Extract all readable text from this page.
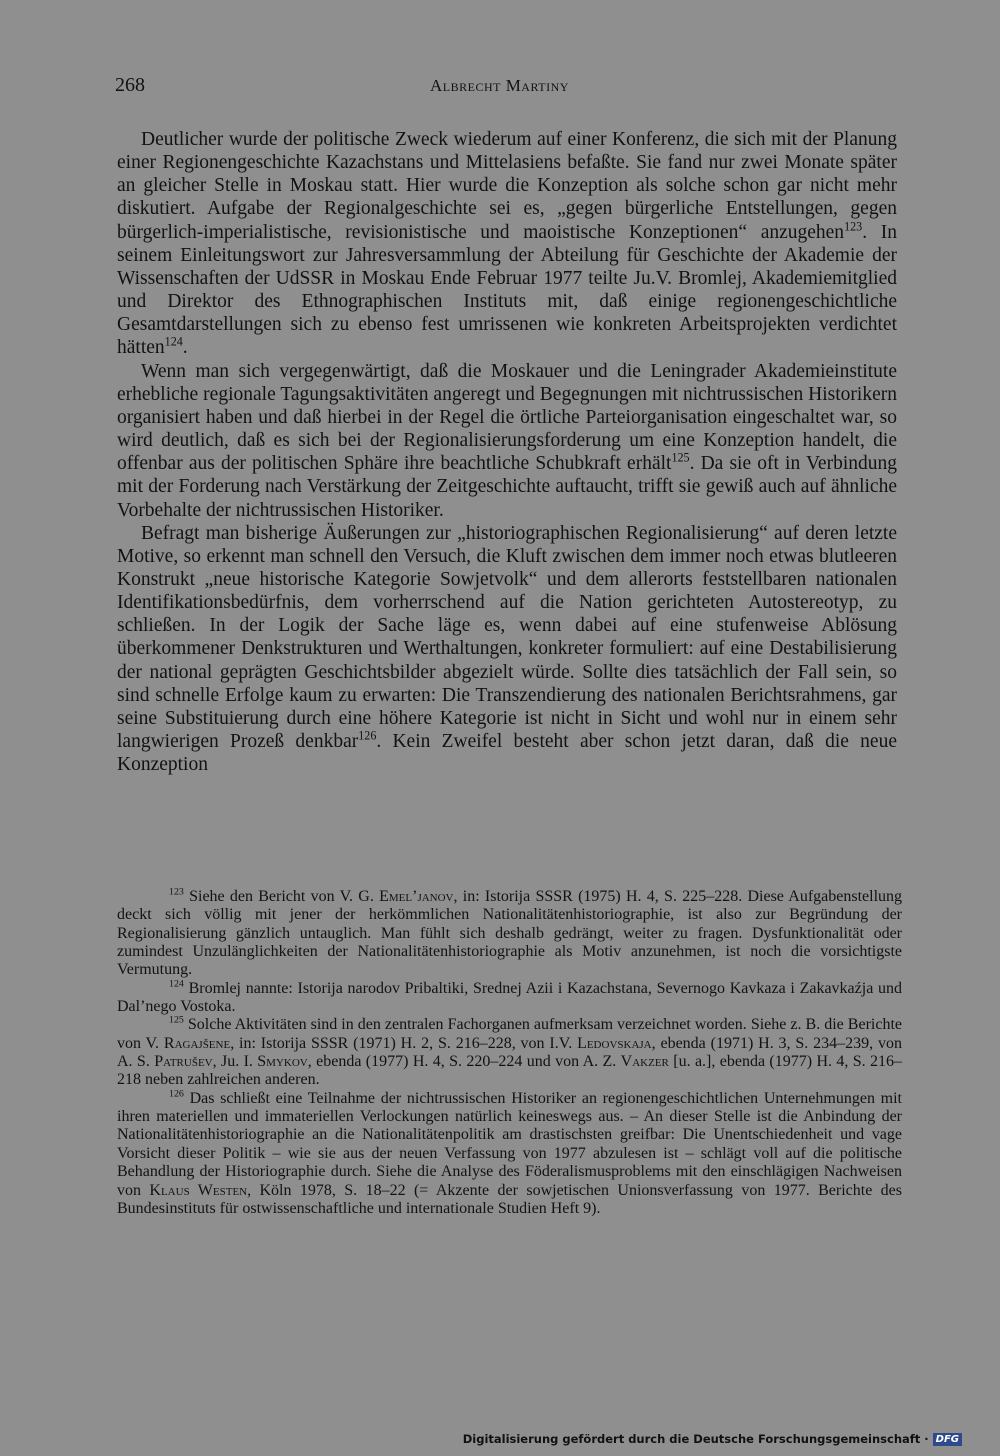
268	Albrecht Martiny

Deutlicher wurde der politische Zweck wiederum auf einer Konferenz, die sich mit der Planung einer Regionengeschichte Kazachstans und Mittelasiens befaßte. Sie fand nur zwei Monate später an gleicher Stelle in Moskau statt. Hier wurde die Konzeption als solche schon gar nicht mehr diskutiert. Aufgabe der Regionalgeschichte sei es, „gegen bürgerliche Entstellungen, gegen bürgerlich-imperialistische, revisionistische und maoistische Konzeptionen“ anzugehen$^{123}$. In seinem Einleitungswort zur Jahresversammlung der Abteilung für Geschichte der Akademie der Wissenschaften der UdSSR in Moskau Ende Februar 1977 teilte Ju.V. Bromlej, Akademiemitglied und Direktor des Ethnographischen Instituts mit, daß einige regionengeschichtliche Gesamtdarstellungen sich zu ebenso fest umrissenen wie konkreten Arbeitsprojekten verdichtet hätten$^{124}$.

Wenn man sich vergegenwärtigt, daß die Moskauer und die Leningrader Akademieinstitute erhebliche regionale Tagungsaktivitäten angeregt und Begegnungen mit nichtrussischen Historikern organisiert haben und daß hierbei in der Regel die örtliche Parteiorganisation eingeschaltet war, so wird deutlich, daß es sich bei der Regionalisierungsforderung um eine Konzeption handelt, die offenbar aus der politischen Sphäre ihre beachtliche Schubkraft erhält$^{125}$. Da sie oft in Verbindung mit der Forderung nach Verstärkung der Zeitgeschichte auftaucht, trifft sie gewiß auch auf ähnliche Vorbehalte der nichtrussischen Historiker.

Befragt man bisherige Äußerungen zur „historiographischen Regionalisierung“ auf deren letzte Motive, so erkennt man schnell den Versuch, die Kluft zwischen dem immer noch etwas blutleeren Konstrukt „neue historische Kategorie Sowjetvolk“ und dem allerorts feststellbaren nationalen Identifikationsbedürfnis, dem vorherrschend auf die Nation gerichteten Autostereotyp, zu schließen. In der Logik der Sache läge es, wenn dabei auf eine stufenweise Ablösung überkommener Denkstrukturen und Werthaltungen, konkreter formuliert: auf eine Destabilisierung der national geprägten Geschichtsbilder abgezielt würde. Sollte dies tatsächlich der Fall sein, so sind schnelle Erfolge kaum zu erwarten: Die Transzendierung des nationalen Berichtsrahmens, gar seine Substituierung durch eine höhere Kategorie ist nicht in Sicht und wohl nur in einem sehr langwierigen Prozeß denkbar$^{126}$. Kein Zweifel besteht aber schon jetzt daran, daß die neue Konzeption

$^{123}$ Siehe den Bericht von V. G. Emel’janov, in: Istorija SSSR (1975) H. 4, S. 225–228. Diese Aufgabenstellung deckt sich völlig mit jener der herkömmlichen Nationalitätenhistoriographie, ist also zur Begründung der Regionalisierung gänzlich untauglich. Man fühlt sich deshalb gedrängt, weiter zu fragen. Dysfunktionalität oder zumindest Unzulänglichkeiten der Nationalitätenhistoriographie als Motiv anzunehmen, ist noch die vorsichtigste Vermutung.

$^{124}$ Bromlej nannte: Istorija narodov Pribaltiki, Srednej Azii i Kazachstana, Severnogo Kavkaza i Zakavkaźja und Dal’nego Vostoka.

$^{125}$ Solche Aktivitäten sind in den zentralen Fachorganen aufmerksam verzeichnet worden. Siehe z. B. die Berichte von V. Ragajšene, in: Istorija SSSR (1971) H. 2, S. 216–228, von I.V. Ledovskaja, ebenda (1971) H. 3, S. 234–239, von A. S. Patrušev, Ju. I. Smykov, ebenda (1977) H. 4, S. 220–224 und von A. Z. Vakzer [u. a.], ebenda (1977) H. 4, S. 216–218 neben zahlreichen anderen.

$^{126}$ Das schließt eine Teilnahme der nichtrussischen Historiker an regionengeschichtlichen Unternehmungen mit ihren materiellen und immateriellen Verlockungen natürlich keineswegs aus. – An dieser Stelle ist die Anbindung der Nationalitätenhistoriographie an die Nationalitätenpolitik am drastischsten greifbar: Die Unentschiedenheit und vage Vorsicht dieser Politik – wie sie aus der neuen Verfassung von 1977 abzulesen ist – schlägt voll auf die politische Behandlung der Historiographie durch. Siehe die Analyse des Föderalismusproblems mit den einschlägigen Nachweisen von Klaus Westen, Köln 1978, S. 18–22 (= Akzente der sowjetischen Unionsverfassung von 1977. Berichte des Bundesinstituts für ostwissenschaftliche und internationale Studien Heft 9).

Digitalisierung gefördert durch die Deutsche Forschungsgemeinschaft · DFG
